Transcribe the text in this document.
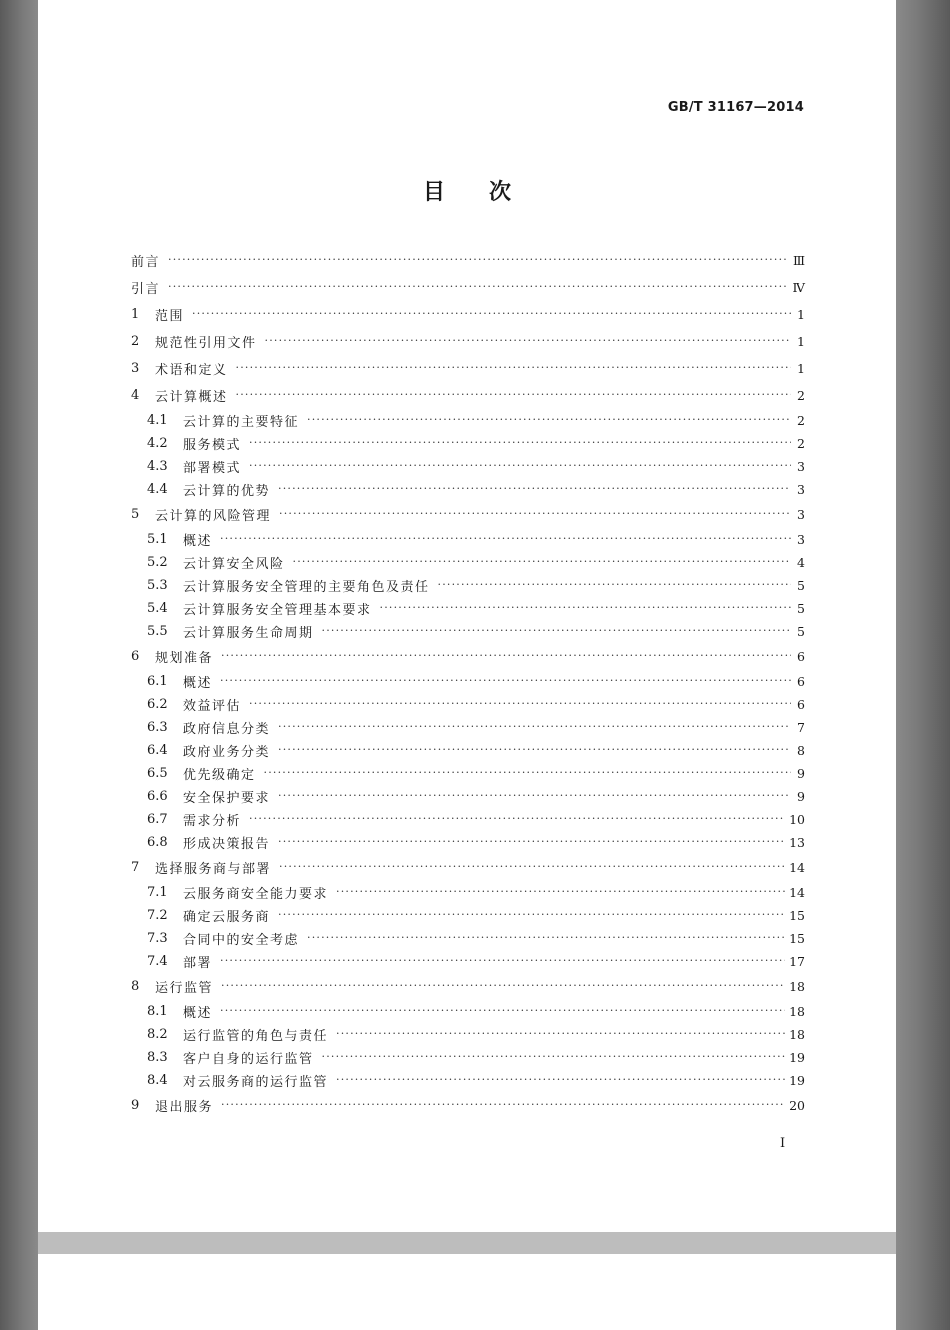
GB/T 31167—2014
目次
前言 ·····	Ⅲ
引言 ·····	Ⅳ
1	范围 ·····	1
2	规范性引用文件 ·····	1
3	术语和定义 ·····	1
4	云计算概述 ·····	2
4.1	云计算的主要特征 ·····	2
4.2	服务模式 ·····	2
4.3	部署模式 ·····	3
4.4	云计算的优势 ·····	3
5	云计算的风险管理 ·····	3
5.1	概述 ·····	3
5.2	云计算安全风险 ·····	4
5.3	云计算服务安全管理的主要角色及责任 ·····	5
5.4	云计算服务安全管理基本要求 ·····	5
5.5	云计算服务生命周期 ·····	5
6	规划准备 ·····	6
6.1	概述 ·····	6
6.2	效益评估 ·····	6
6.3	政府信息分类 ·····	7
6.4	政府业务分类 ·····	8
6.5	优先级确定 ·····	9
6.6	安全保护要求 ·····	9
6.7	需求分析 ·····	10
6.8	形成决策报告 ·····	13
7	选择服务商与部署 ·····	14
7.1	云服务商安全能力要求 ·····	14
7.2	确定云服务商 ·····	15
7.3	合同中的安全考虑 ·····	15
7.4	部署 ·····	17
8	运行监管 ·····	18
8.1	概述 ·····	18
8.2	运行监管的角色与责任 ·····	18
8.3	客户自身的运行监管 ·····	19
8.4	对云服务商的运行监管 ·····	19
9	退出服务 ·····	20
I
